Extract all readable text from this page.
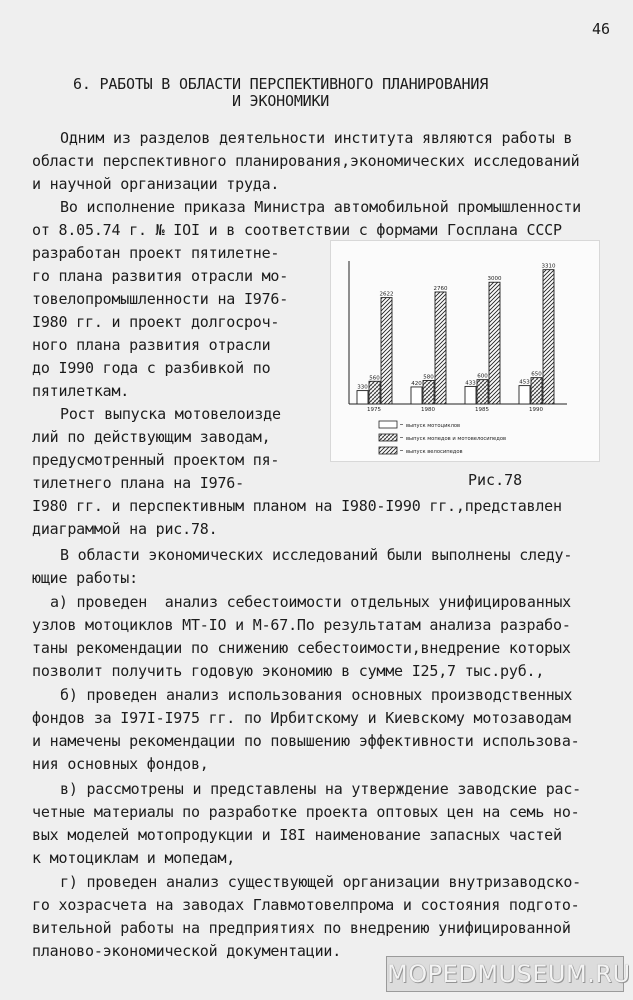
46
6. РАБОТЫ В ОБЛАСТИ ПЕРСПЕКТИВНОГО ПЛАНИРОВАНИЯ
И ЭКОНОМИКИ
Одним из разделов деятельности института являются работы в
области перспективного планирования,экономических исследований
и научной организации труда.
Во исполнение приказа Министра автомобильной промышленности
от 8.05.74 г. № IOI и в соответствии с формами Госплана СССР
разработан проект пятилетне-
го плана развития отрасли мо-
товелопромышленности на I976-
I980 гг. и проект долгосроч-
ного плана развития отрасли
до I990 года с разбивкой по
пятилеткам.
Рост выпуска мотовелоизде
лий по действующим заводам,
предусмотренный проектом пя-
тилетнего плана на I976-
I980 гг. и перспективным планом на I980-I990 гг.,представлен
диаграммой на рис.78.
В области экономических исследований были выполнены следу-
ющие работы:
а) проведен  анализ себестоимости отдельных унифицированных
узлов мотоциклов МТ-IO и М-67.По результатам анализа разрабо-
таны рекомендации по снижению себестоимости,внедрение которых
позволит получить годовую экономию в сумме I25,7 тыс.руб.,
б) проведен анализ использования основных производственных
фондов за I97I-I975 гг. по Ирбитскому и Киевскому мотозаводам
и намечены рекомендации по повышению эффективности использова-
ния основных фондов,
в) рассмотрены и представлены на утверждение заводские рас-
четные материалы по разработке проекта оптовых цен на семь но-
вых моделей мотопродукции и I8I наименование запасных частей
к мотоциклам и мопедам,
г) проведен анализ существующей организации внутризаводско-
го хозрасчета на заводах Главмотовелпрома и состояния подгото-
вительной работы на предприятиях по внедрению унифицированной
планово-экономической документации.
1975	1980	1985	1990
330
560
2622
420
580
2760
433
600
3000
453
650
3310
выпуск мотоциклов
выпуск мопедов и мотовелосипедов
выпуск велосипедов
Рис.78
MOPEDMUSEUM.RU
